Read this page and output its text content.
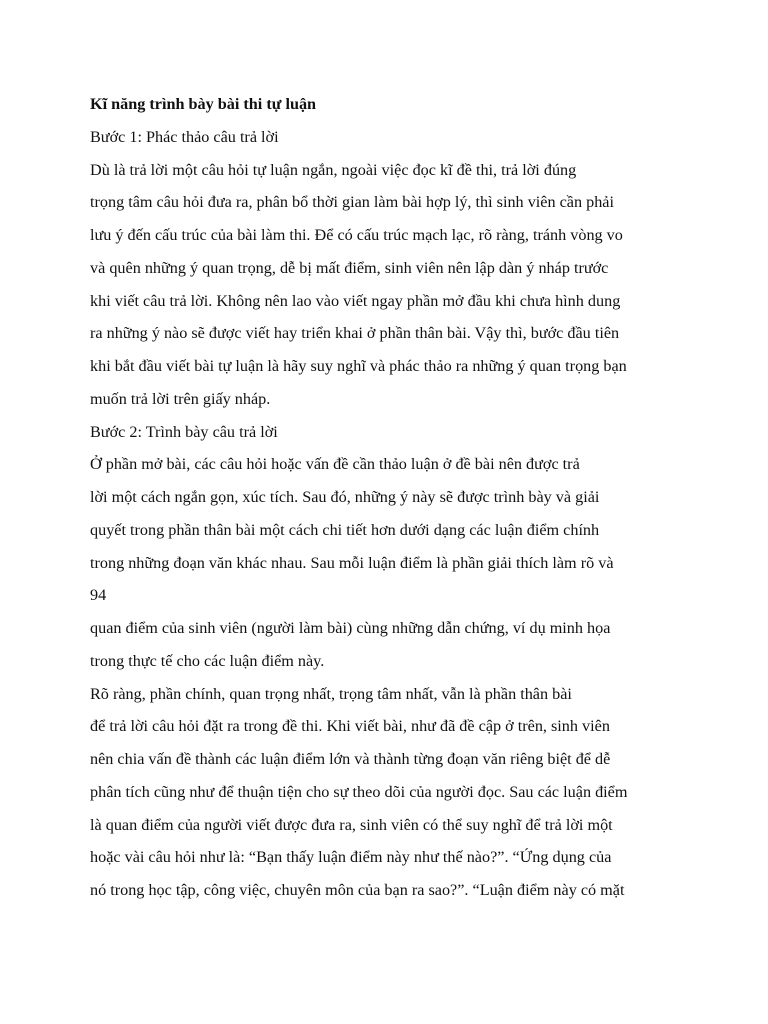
Kĩ năng trình bày bài thi tự luận
Bước 1: Phác thảo câu trả lời
Dù là trả lời một câu hỏi tự luận ngắn, ngoài việc đọc kĩ đề thi, trả lời đúng
trọng tâm câu hỏi đưa ra, phân bổ thời gian làm bài hợp lý, thì sinh viên cần phải
lưu ý đến cấu trúc của bài làm thi. Để có cấu trúc mạch lạc, rõ ràng, tránh vòng vo
và quên những ý quan trọng, dễ bị mất điểm, sinh viên nên lập dàn ý nháp trước
khi viết câu trả lời. Không nên lao vào viết ngay phần mở đầu khi chưa hình dung
ra những ý nào sẽ được viết hay triển khai ở phần thân bài. Vậy thì, bước đầu tiên
khi bắt đầu viết bài tự luận là hãy suy nghĩ và phác thảo ra những ý quan trọng bạn
muốn trả lời trên giấy nháp.
Bước 2: Trình bày câu trả lời
Ở phần mở bài, các câu hỏi hoặc vấn đề cần thảo luận ở đề bài nên được trả
lời một cách ngắn gọn, xúc tích. Sau đó, những ý này sẽ được trình bày và giải
quyết trong phần thân bài một cách chi tiết hơn dưới dạng các luận điểm chính
trong những đoạn văn khác nhau. Sau mỗi luận điểm là phần giải thích làm rõ và
94
quan điểm của sinh viên (người làm bài) cùng những dẫn chứng, ví dụ minh họa
trong thực tế cho các luận điểm này.
Rõ ràng, phần chính, quan trọng nhất, trọng tâm nhất, vẫn là phần thân bài
để trả lời câu hỏi đặt ra trong đề thi. Khi viết bài, như đã đề cập ở trên, sinh viên
nên chia vấn đề thành các luận điểm lớn và thành từng đoạn văn riêng biệt để dễ
phân tích cũng như để thuận tiện cho sự theo dõi của người đọc. Sau các luận điểm
là quan điểm của người viết được đưa ra, sinh viên có thể suy nghĩ để trả lời một
hoặc vài câu hỏi như là: “Bạn thấy luận điểm này như thế nào?”. “Ứng dụng của
nó trong học tập, công việc, chuyên môn của bạn ra sao?”. “Luận điểm này có mặt
